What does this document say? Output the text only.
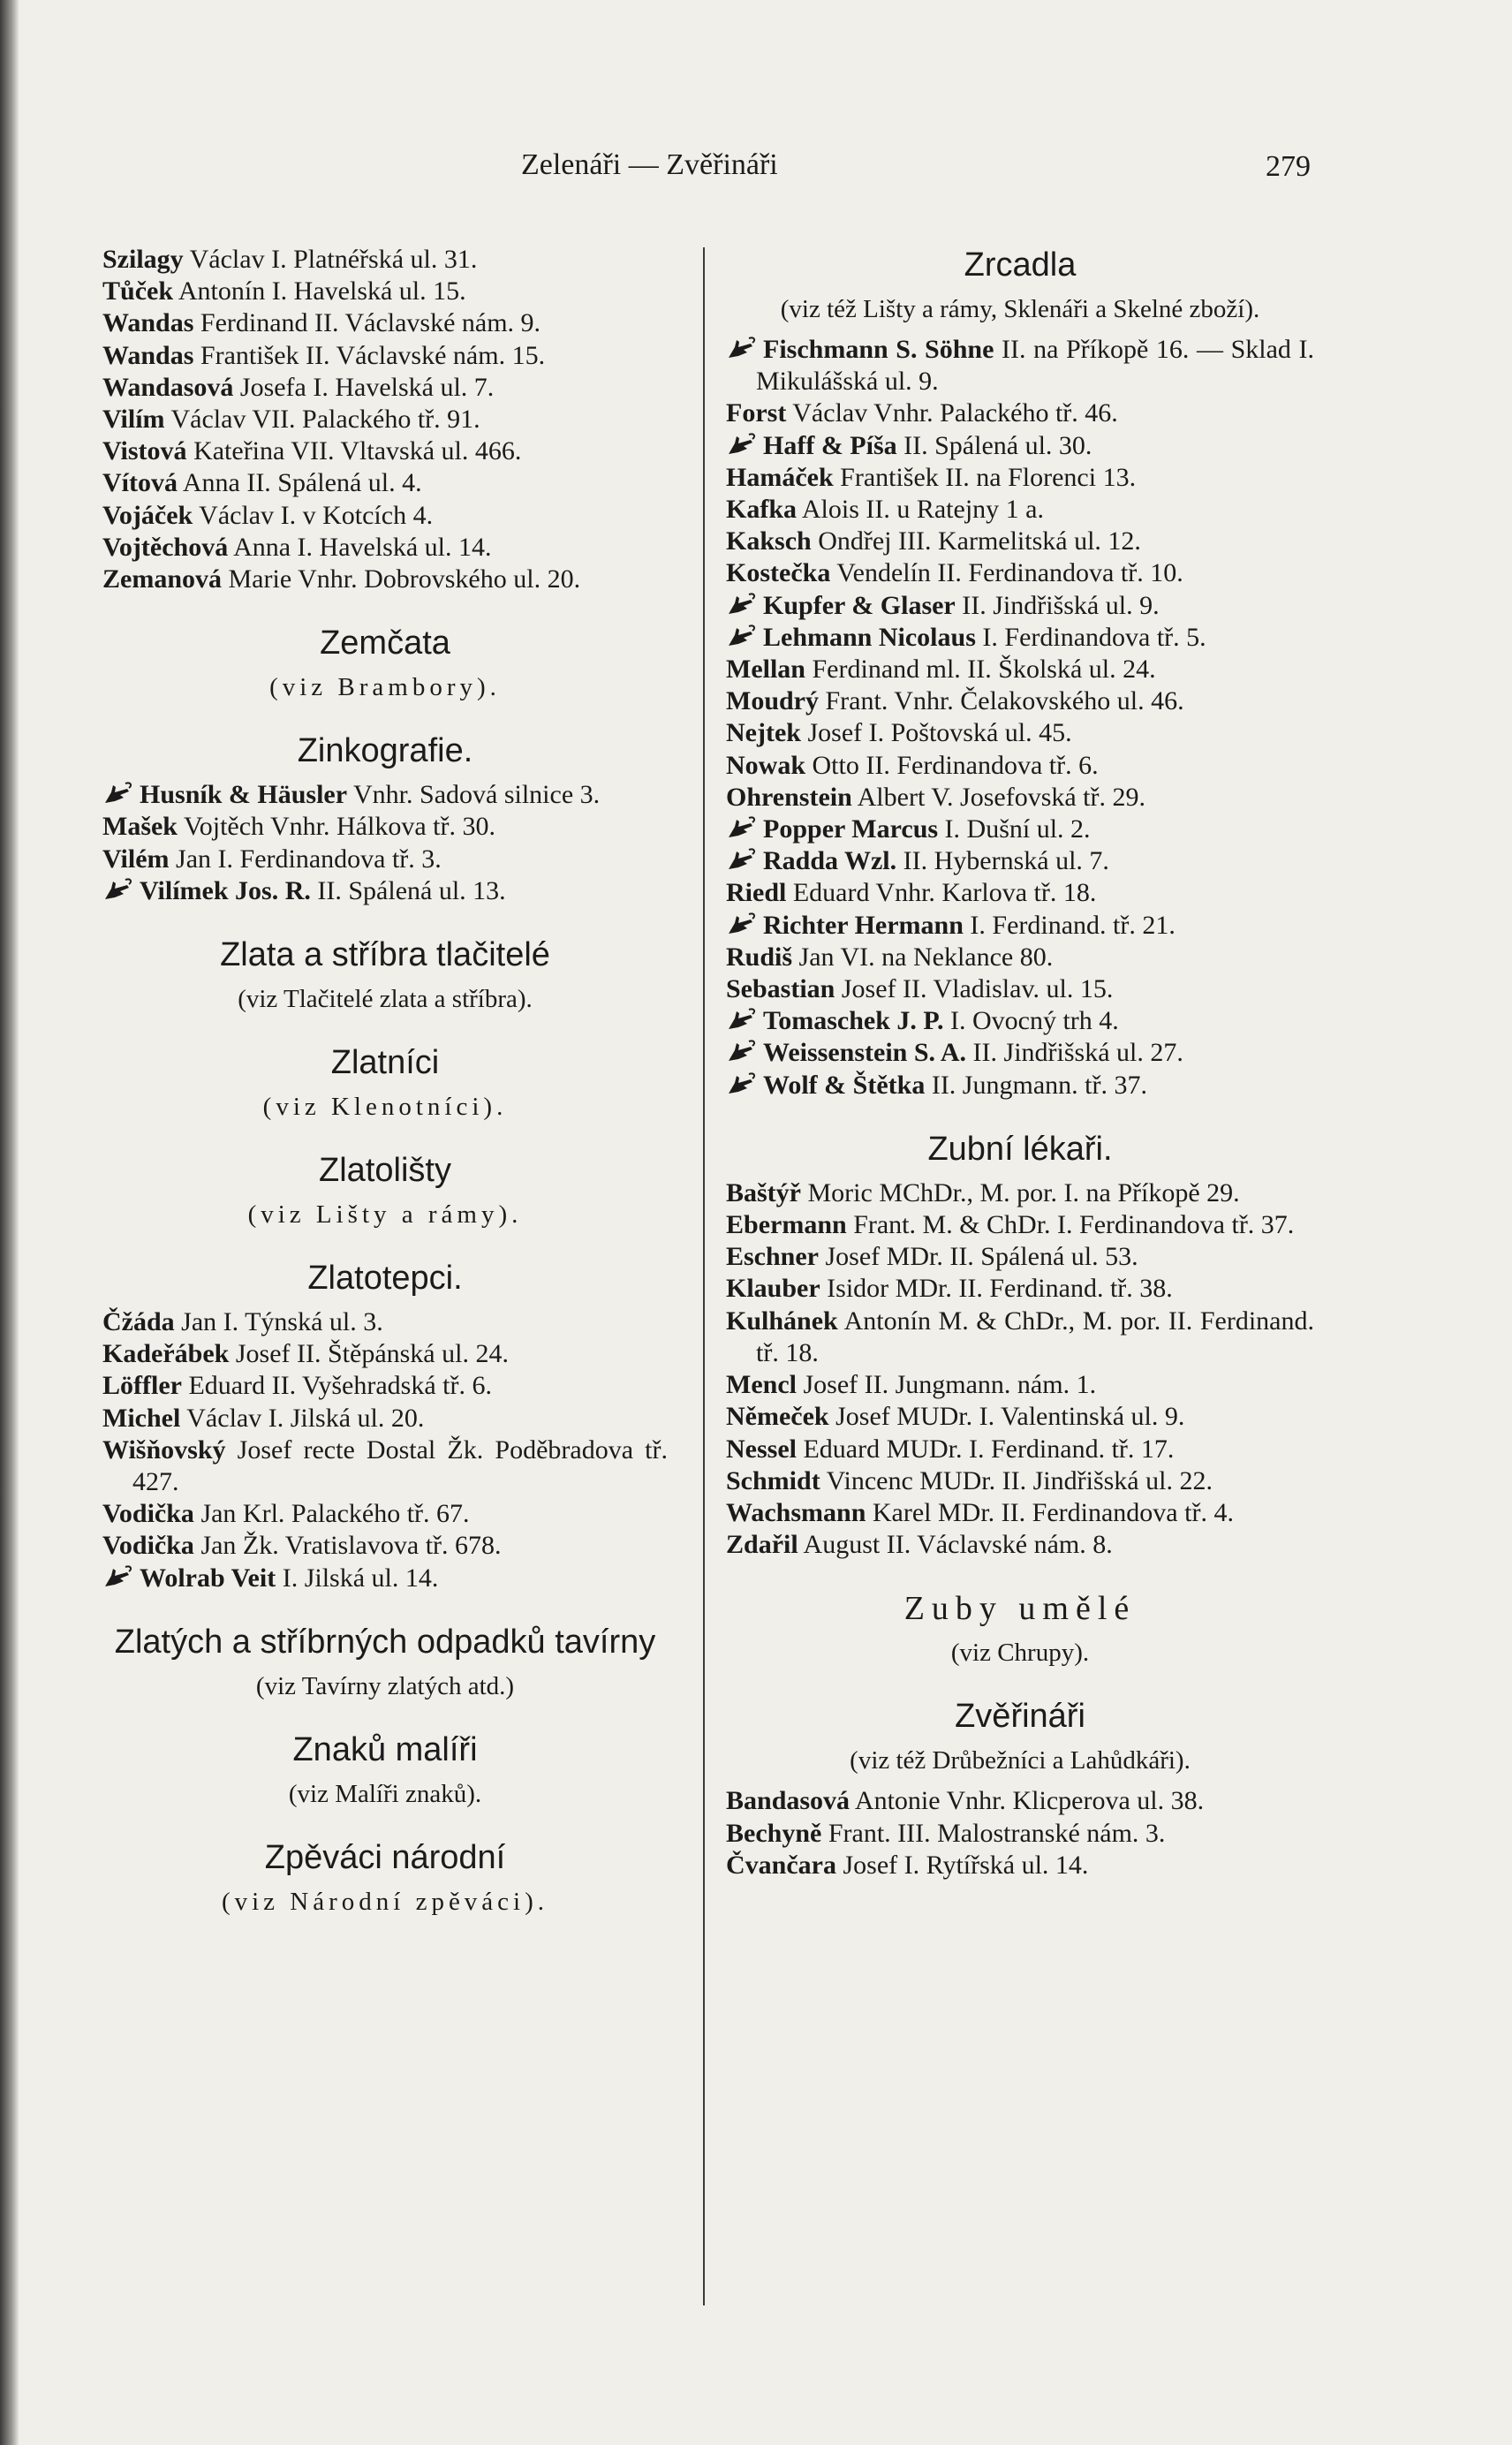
Zelenáři — Zvěřináři	279
Szilagy Václav I. Platnéřská ul. 31.
Tůček Antonín I. Havelská ul. 15.
Wandas Ferdinand II. Václavské nám. 9.
Wandas František II. Václavské nám. 15.
Wandasová Josefa I. Havelská ul. 7.
Vilím Václav VII. Palackého tř. 91.
Vistová Kateřina VII. Vltavská ul. 466.
Vítová Anna II. Spálená ul. 4.
Vojáček Václav I. v Kotcích 4.
Vojtěchová Anna I. Havelská ul. 14.
Zemanová Marie Vnhr. Dobrovského ul. 20.
Zemčata
(viz Brambory).
Zinkografie.
Husník & Häusler Vnhr. Sadová silnice 3.
Mašek Vojtěch Vnhr. Hálkova tř. 30.
Vilém Jan I. Ferdinandova tř. 3.
Vilímek Jos. R. II. Spálená ul. 13.
Zlata a stříbra tlačitelé
(viz Tlačitelé zlata a stříbra).
Zlatníci
(viz Klenotníci).
Zlatolišty
(viz Lišty a rámy).
Zlatotepci.
Čžáda Jan I. Týnská ul. 3.
Kadeřábek Josef II. Štěpánská ul. 24.
Löffler Eduard II. Vyšehradská tř. 6.
Michel Václav I. Jilská ul. 20.
Wišňovský Josef recte Dostal Žk. Poděbradova tř. 427.
Vodička Jan Krl. Palackého tř. 67.
Vodička Jan Žk. Vratislavova tř. 678.
Wolrab Veit I. Jilská ul. 14.
Zlatých a stříbrných odpadků tavírny
(viz Tavírny zlatých atd.)
Znaků malíři
(viz Malíři znaků).
Zpěváci národní
(viz Národní zpěváci).
Zrcadla
(viz též Lišty a rámy, Sklenáři a Skelné zboží).
Fischmann S. Söhne II. na Příkopě 16. — Sklad I. Mikulášská ul. 9.
Forst Václav Vnhr. Palackého tř. 46.
Haff & Píša II. Spálená ul. 30.
Hamáček František II. na Florenci 13.
Kafka Alois II. u Ratejny 1 a.
Kaksch Ondřej III. Karmelitská ul. 12.
Kostečka Vendelín II. Ferdinandova tř. 10.
Kupfer & Glaser II. Jindřišská ul. 9.
Lehmann Nicolaus I. Ferdinandova tř. 5.
Mellan Ferdinand ml. II. Školská ul. 24.
Moudrý Frant. Vnhr. Čelakovského ul. 46.
Nejtek Josef I. Poštovská ul. 45.
Nowak Otto II. Ferdinandova tř. 6.
Ohrenstein Albert V. Josefovská tř. 29.
Popper Marcus I. Dušní ul. 2.
Radda Wzl. II. Hybernská ul. 7.
Riedl Eduard Vnhr. Karlova tř. 18.
Richter Hermann I. Ferdinand. tř. 21.
Rudiš Jan VI. na Neklance 80.
Sebastian Josef II. Vladislav. ul. 15.
Tomaschek J. P. I. Ovocný trh 4.
Weissenstein S. A. II. Jindřišská ul. 27.
Wolf & Štětka II. Jungmann. tř. 37.
Zubní lékaři.
Baštýř Moric MChDr., M. por. I. na Příkopě 29.
Ebermann Frant. M. & ChDr. I. Ferdinandova tř. 37.
Eschner Josef MDr. II. Spálená ul. 53.
Klauber Isidor MDr. II. Ferdinand. tř. 38.
Kulhánek Antonín M. & ChDr., M. por. II. Ferdinand. tř. 18.
Mencl Josef II. Jungmann. nám. 1.
Němeček Josef MUDr. I. Valentinská ul. 9.
Nessel Eduard MUDr. I. Ferdinand. tř. 17.
Schmidt Vincenc MUDr. II. Jindřišská ul. 22.
Wachsmann Karel MDr. II. Ferdinandova tř. 4.
Zdařil August II. Václavské nám. 8.
Zuby umělé
(viz Chrupy).
Zvěřináři
(viz též Drůbežníci a Lahůdkáři).
Bandasová Antonie Vnhr. Klicperova ul. 38.
Bechyně Frant. III. Malostranské nám. 3.
Čvančara Josef I. Rytířská ul. 14.
